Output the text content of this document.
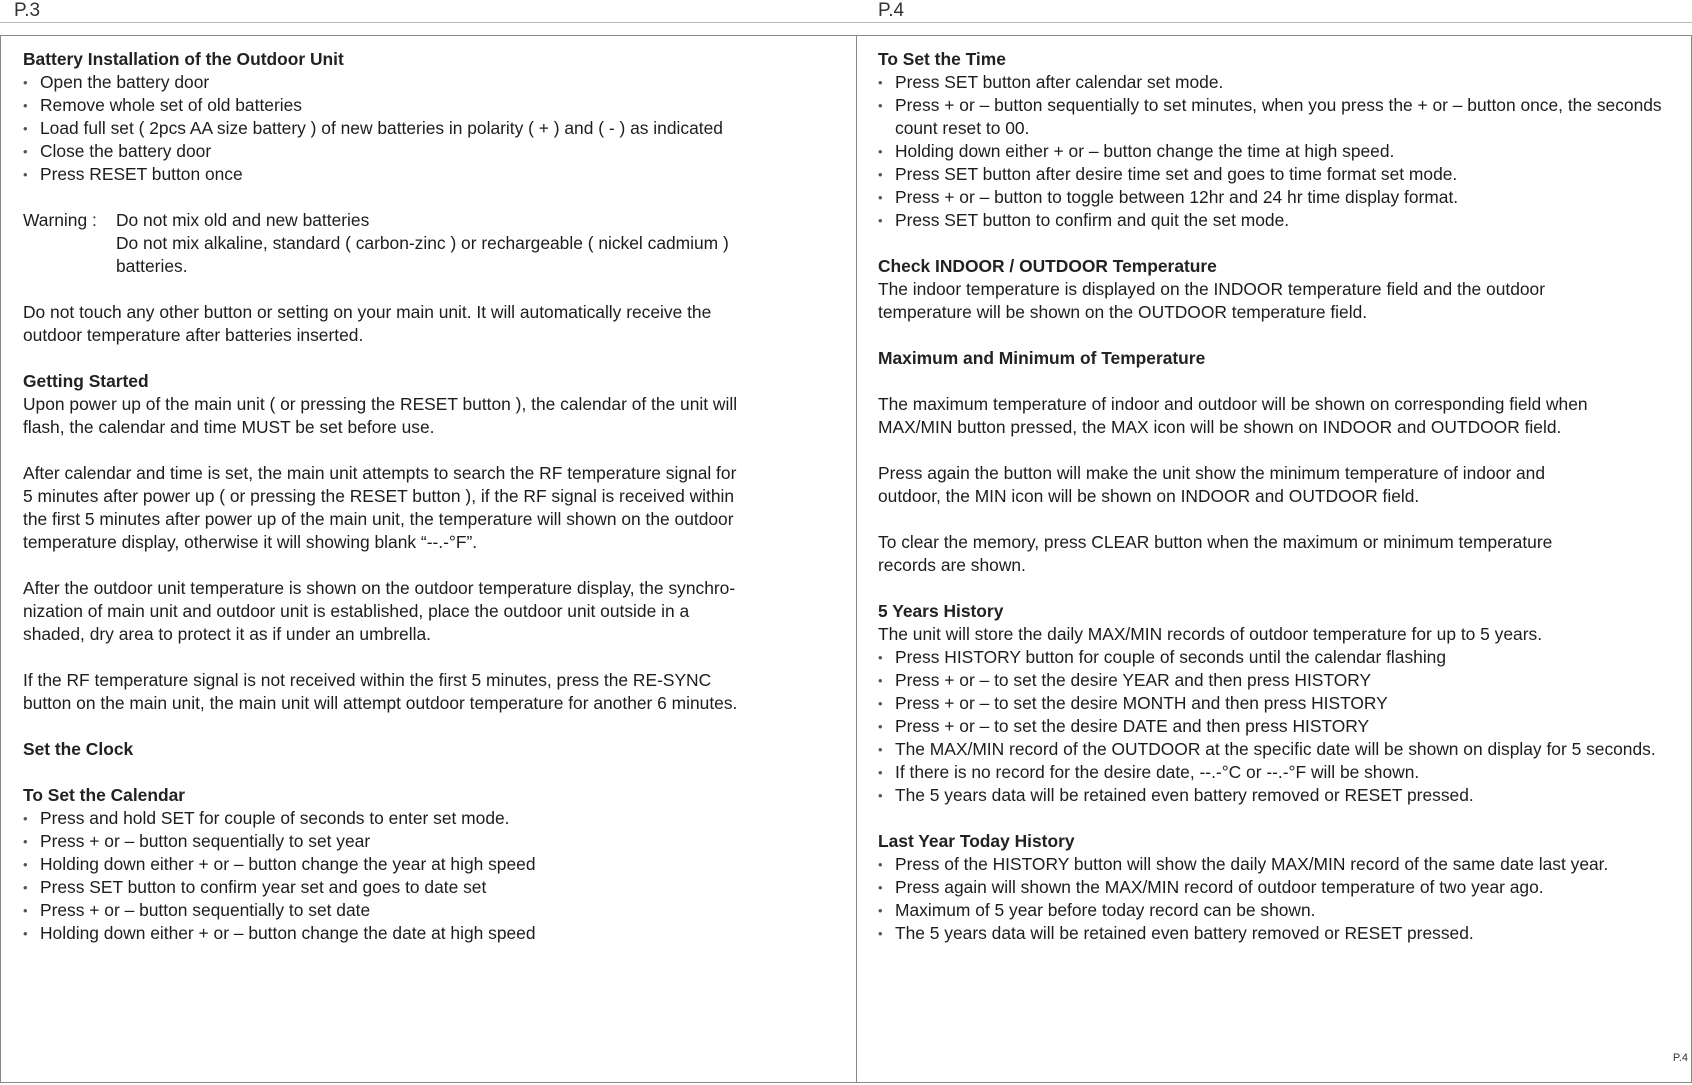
P.3	P.4

Battery Installation of the Outdoor Unit

• Open the battery door
• Remove whole set of old batteries
• Load full set ( 2pcs AA size battery ) of new batteries in polarity ( + ) and ( - ) as indicated
• Close the battery door
• Press RESET button once
Warning :	Do not mix old and new batteries

Do not mix alkaline, standard ( carbon-zinc ) or rechargeable ( nickel cadmium )

batteries.

Do not touch any other button or setting on your main unit. It will automatically receive the

outdoor temperature after batteries inserted.

Getting Started

Upon power up of the main unit ( or pressing the RESET button ), the calendar of the unit will

flash, the calendar and time MUST be set before use.

After calendar and time is set, the main unit attempts to search the RF temperature signal for

5 minutes after power up ( or pressing the RESET button ), if the RF signal is received within

the first 5 minutes after power up of the main unit, the temperature will shown on the outdoor

temperature display, otherwise it will showing blank “--.-°F”.

After the outdoor unit temperature is shown on the outdoor temperature display, the synchro-

nization of main unit and outdoor unit is established, place the outdoor unit outside in a

shaded, dry area to protect it as if under an umbrella.

If the RF temperature signal is not received within the first 5 minutes, press the RE-SYNC

button on the main unit, the main unit will attempt outdoor temperature for another 6 minutes.

Set the Clock

To Set the Calendar

• Press and hold SET for couple of seconds to enter set mode.
• Press + or – button sequentially to set year
• Holding down either + or – button change the year at high speed
• Press SET button to confirm year set and goes to date set
• Press + or – button sequentially to set date
• Holding down either + or – button change the date at high speed

To Set the Time

• Press SET button after calendar set mode.
• Press + or – button sequentially to set minutes, when you press the + or – button once, the seconds count reset to 00.
• Holding down either + or – button change the time at high speed.
• Press SET button after desire time set and goes to time format set mode.
• Press + or – button to toggle between 12hr and 24 hr time display format.
• Press SET button to confirm and quit the set mode.

Check INDOOR / OUTDOOR Temperature

The indoor temperature is displayed on the INDOOR temperature field and the outdoor

temperature will be shown on the OUTDOOR temperature field.

Maximum and Minimum of Temperature

The maximum temperature of indoor and outdoor will be shown on corresponding field when

MAX/MIN button pressed, the MAX icon will be shown on INDOOR and OUTDOOR field.

Press again the button will make the unit show the minimum temperature of indoor and

outdoor, the MIN icon will be shown on INDOOR and OUTDOOR field.

To clear the memory, press CLEAR button when the maximum or minimum temperature

records are shown.

5 Years History

The unit will store the daily MAX/MIN records of outdoor temperature for up to 5 years.

• Press HISTORY button for couple of seconds until the calendar flashing
• Press + or – to set the desire YEAR and then press HISTORY
• Press + or – to set the desire MONTH and then press HISTORY
• Press + or – to set the desire DATE and then press HISTORY
• The MAX/MIN record of the OUTDOOR at the specific date will be shown on display for 5 seconds.
• If there is no record for the desire date, --.-°C or --.-°F will be shown.
• The 5 years data will be retained even battery removed or RESET pressed.

Last Year Today History

• Press of the HISTORY button will show the daily MAX/MIN record of the same date last year.
• Press again will shown the MAX/MIN record of outdoor temperature of two year ago.
• Maximum of 5 year before today record can be shown.
• The 5 years data will be retained even battery removed or RESET pressed.
P.4
